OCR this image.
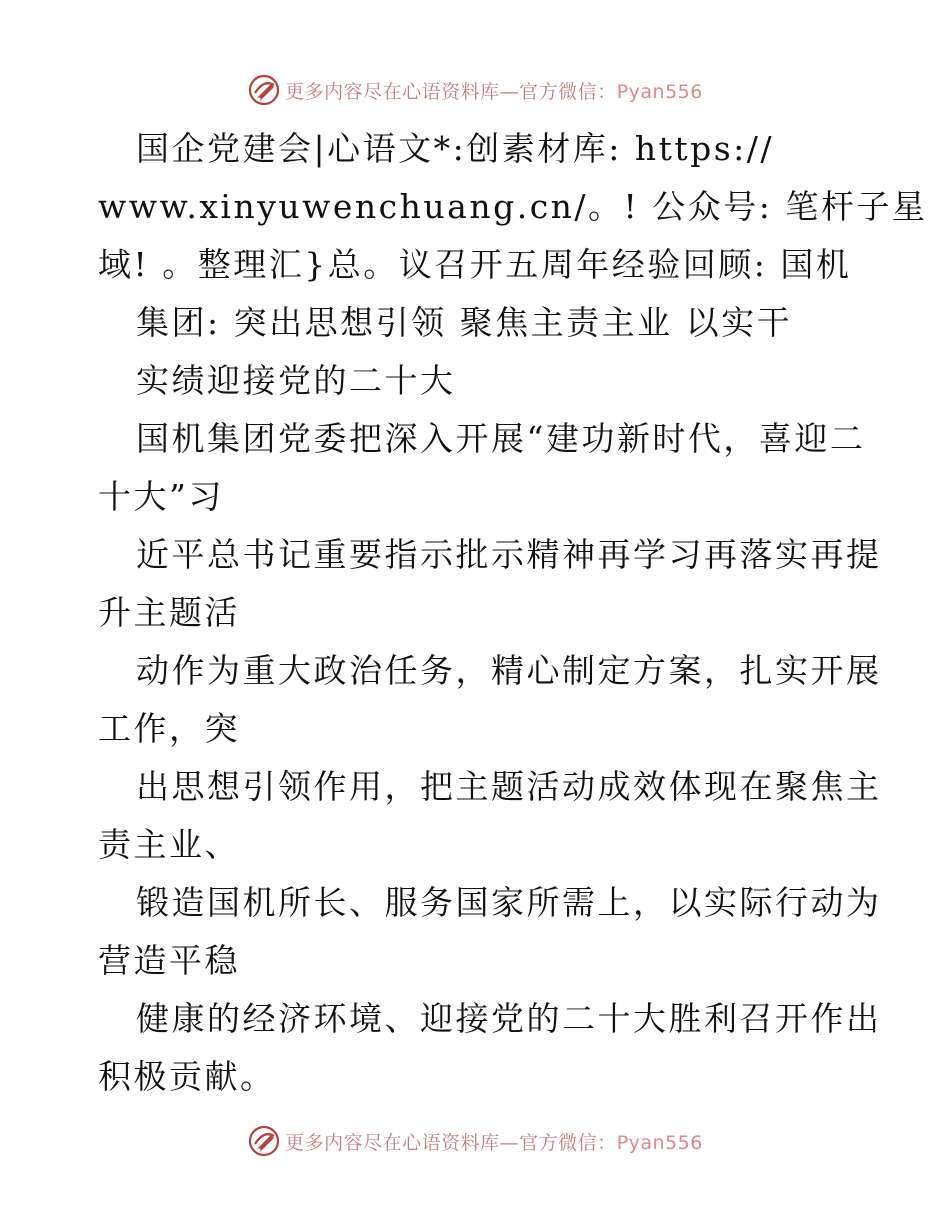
更多内容尽在心语资料库—官方微信：Pyan556
国企党建会|心语文*:创素材库: https://
www.xinyuwenchuang.cn/。! 公众号: 笔杆子星
域! 。整理汇}总。议召开五周年经验回顾: 国机
集团: 突出思想引领 聚焦主责主业 以实干
实绩迎接党的二十大
国机集团党委把深入开展“建功新时代，喜迎二
十大”习
近平总书记重要指示批示精神再学习再落实再提
升主题活
动作为重大政治任务，精心制定方案，扎实开展
工作，突
出思想引领作用，把主题活动成效体现在聚焦主
责主业、
锻造国机所长、服务国家所需上，以实际行动为
营造平稳
健康的经济环境、迎接党的二十大胜利召开作出
积极贡献。
更多内容尽在心语资料库—官方微信：Pyan556
